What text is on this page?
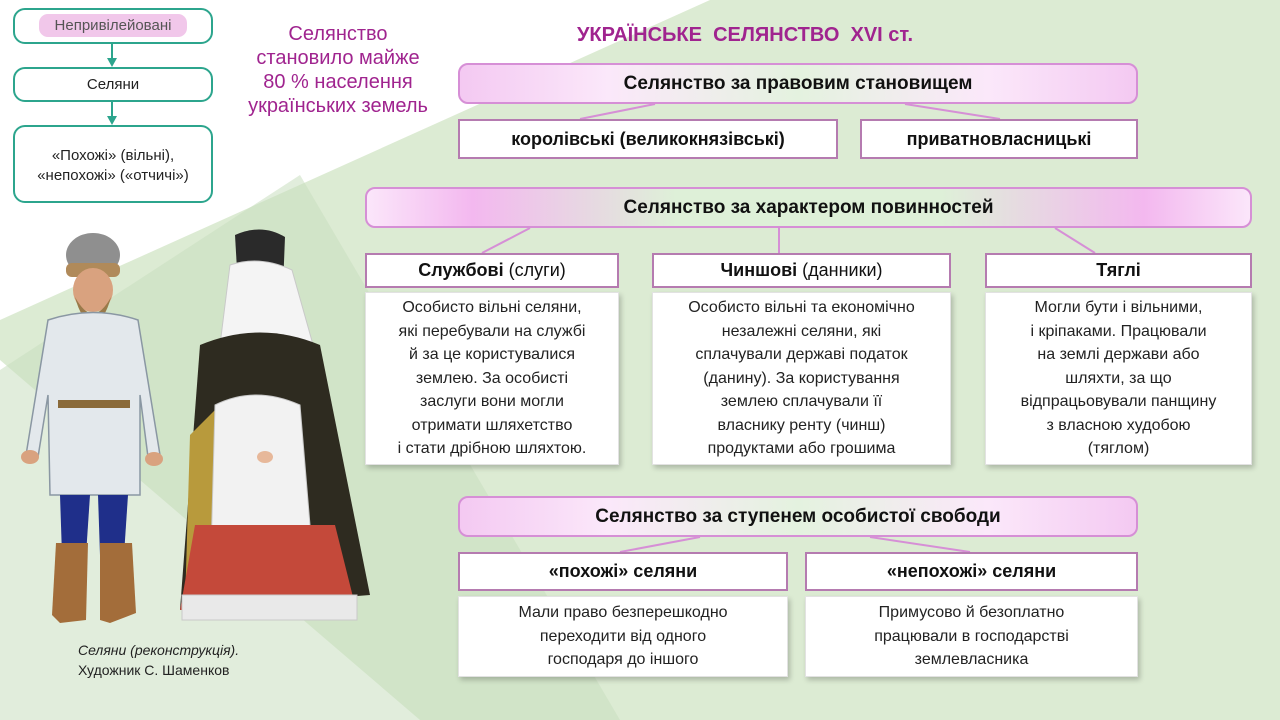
Непривілейовані
Селяни
«Похожі» (вільні),
«непохожі» («отчичі»)
Селянство
становило майже
80 % населення
українських земель
УКРАЇНСЬКЕ  СЕЛЯНСТВО  XVI ст.
Селянство за правовим становищем
королівські (великокнязівські)	приватновласницькі
Селянство за характером повинностей
Службові (слуги)	Чиншові (данники)	Тяглі
Особисто вільні селяни,
які перебували на службі
й за це користувалися
землею. За особисті
заслуги вони могли
отримати шляхетство
і стати дрібною шляхтою.
Особисто вільні та економічно
незалежні селяни, які
сплачували державі податок
(данину). За користування
землею сплачували її
власнику ренту (чинш)
продуктами або грошима
Могли бути і вільними,
і кріпаками. Працювали
на землі держави або
шляхти, за що
відпрацьовували панщину
з власною худобою
(тяглом)
Селянство за ступенем особистої свободи
«похожі» селяни	«непохожі» селяни
Мали право безперешкодно
переходити від одного
господаря до іншого
Примусово й безоплатно
працювали в господарстві
землевласника
Селяни (реконструкція).
Художник С. Шаменков
